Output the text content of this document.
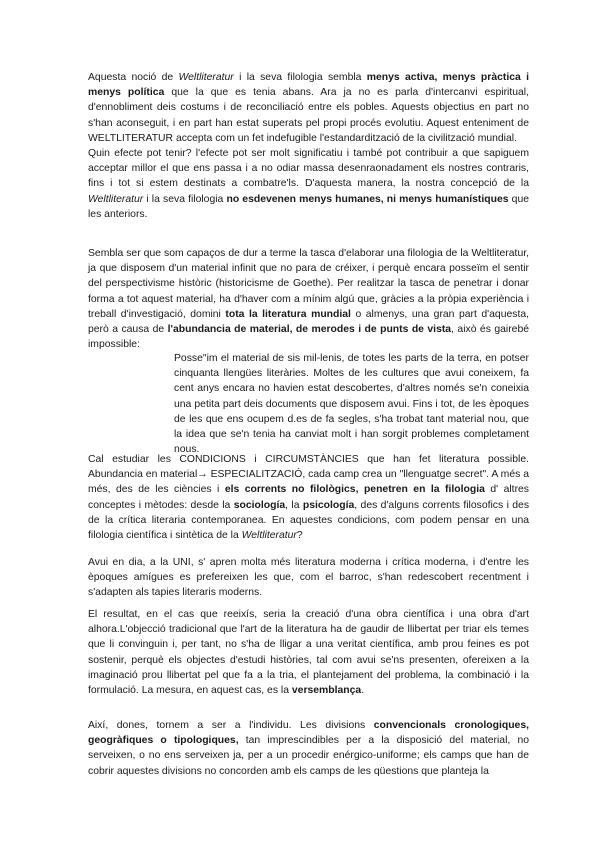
Aquesta noció de Weltliteratur i la seva filologia sembla menys activa, menys pràctica i menys política que la que es tenia abans. Ara ja no es parla d'intercanvi espiritual, d'ennobliment deis costums i de reconciliació entre els pobles. Aquests objectius en part no s'han aconseguit, i en part han estat superats pel propi procés evolutiu. Aquest enteniment de WELTLITERATUR accepta com un fet indefugible l'estandardització de la civilització mundial.

Quin efecte pot tenir? l'efecte pot ser molt significatiu i també pot contribuir a que sapiguem acceptar millor el que ens passa i a no odiar massa desenraonadament els nostres contraris, fins i tot si estem destinats a combatre'ls. D'aquesta manera, la nostra concepció de la Weltliteratur i la seva filologia no esdevenen menys humanes, ni menys humanístiques que les anteriors.

Sembla ser que som capaços de dur a terme la tasca d'elaborar una filologia de la Weltliteratur, ja que disposem d'un material infinit que no para de créixer, i perquè encara posseïm el sentir del perspectivisme històric (historicisme de Goethe). Per realitzar la tasca de penetrar i donar forma a tot aquest material, ha d'haver com a mínim algú que, gràcies a la pròpia experiència i treball d'investigació, domini tota la literatura mundial o almenys, una gran part d'aquesta, però a causa de l'abundancia de material, de merodes i de punts de vista, això és gairebé impossible:
Posse"im el material de sis mil-lenis, de totes les parts de la terra, en potser cinquanta llengües literàries. Moltes de les cultures que avui coneixem, fa cent anys encara no havien estat descobertes, d'altres només se'n coneixia una petita part deis documents que disposem avui. Fins i tot, de les èpoques de les que ens ocupem d.es de fa segles, s'ha trobat tant material nou, que la idea que se'n tenia ha canviat molt i han sorgit problemes completament nous.
Cal estudiar les CONDICIONS i CIRCUMSTÀNCIES que han fet literatura possible. Abundancia en material→ ESPECIALITZACIÓ, cada camp crea un "llenguatge secret". A més a més, des de les ciències i els corrents no filològics, penetren en la filologia d' altres conceptes i mètodes: desde la sociología, la psicología, des d'alguns corrents filosofics i des de la crítica literaria contemporanea. En aquestes condicions, com podem pensar en una filologia científica i sintètica de la Weltliteratur?
Avui en dia, a la UNI, s' apren molta més literatura moderna i crítica moderna, i d'entre les èpoques amígues es prefereixen les que, com el barroc, s'han redescobert recentment i s'adapten als tapies literaris moderns.
El resultat, en el cas que reeixís, seria la creació d'una obra científica i una obra d'art alhora.L'objecció tradicional que l'art de la literatura ha de gaudir de llibertat per triar els temes que li convinguin i, per tant, no s'ha de lligar a una veritat científica, amb prou feines es pot sostenir, perquè els objectes d'estudi històries, tal com avui se'ns presenten, ofereixen a la imaginació prou llibertat pel que fa a la tria, el plantejament del problema, la combinació i la formulació. La mesura, en aquest cas, es la versemblança.
Així, dones, tornem a ser a l'individu. Les divisions convencionals cronologiques, geogràfiques o tipologiques, tan imprescindibles per a la disposició del material, no serveixen, o no ens serveixen ja, per a un procedir enérgico-uniforme; els camps que han de cobrir aquestes divisions no concorden amb els camps de les qüestions que planteja la
